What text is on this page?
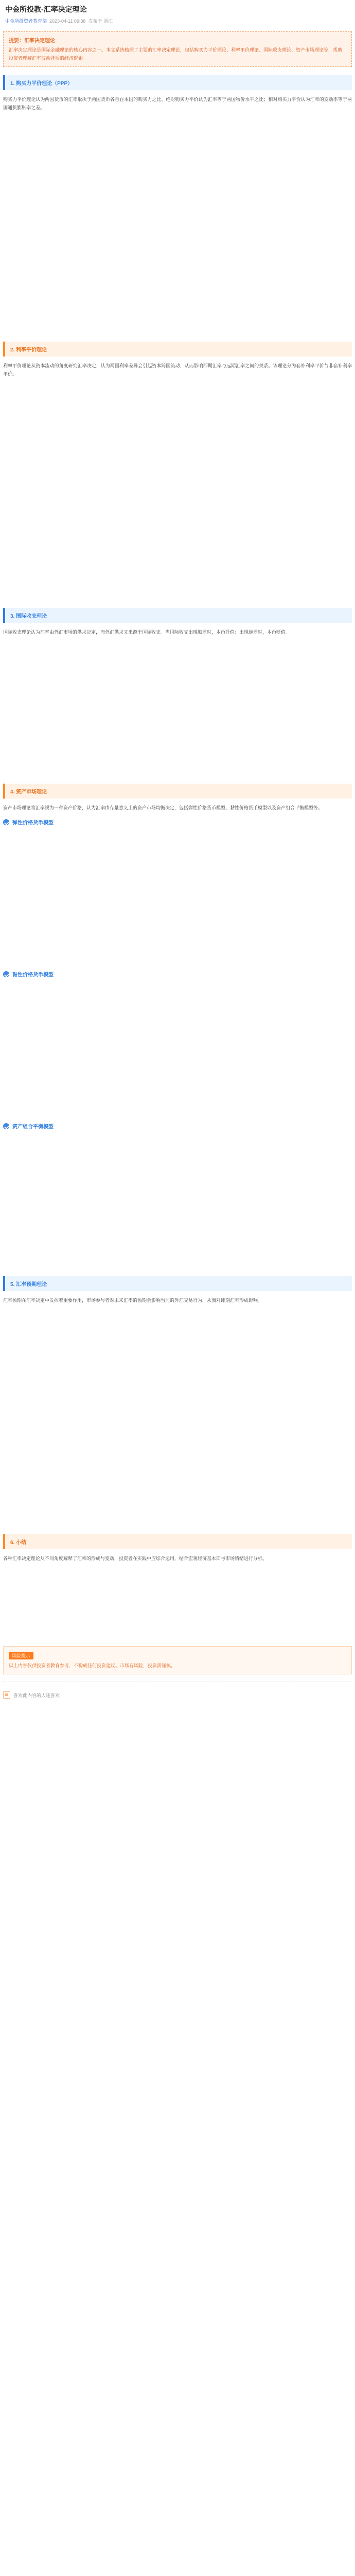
中金所投教-汇率决定理论
中金所投资者教育部 2023-04-11 09:38 发布于 浙江
提要：汇率决定理论
汇率决定理论是国际金融理论的核心内容之一。本文系统梳理了主要的汇率决定理论，包括购买力平价理论、利率平价理论、国际收支理论、资产市场理论等，帮助投资者理解汇率波动背后的经济逻辑。
1. 购买力平价理论（PPP）

购买力平价理论认为两国货币的汇率取决于两国货币各自在本国的购买力之比。绝对购买力平价认为汇率等于两国物价水平之比；相对购买力平价认为汇率的变动率等于两国通货膨胀率之差。

2. 利率平价理论

利率平价理论从资本流动的角度研究汇率决定，认为两国利率差异会引起资本跨国流动，从而影响即期汇率与远期汇率之间的关系。该理论分为套补利率平价与非套补利率平价。

3. 国际收支理论

国际收支理论认为汇率由外汇市场的供求决定，而外汇供求又来源于国际收支。当国际收支出现顺差时，本币升值；出现逆差时，本币贬值。

4. 资产市场理论

资产市场理论将汇率视为一种资产价格，认为汇率由存量意义上的资产市场均衡决定，包括弹性价格货币模型、黏性价格货币模型以及资产组合平衡模型等。

弹性价格货币模型
黏性价格货币模型
资产组合平衡模型
5. 汇率预期理论

汇率预期在汇率决定中发挥着重要作用，市场参与者对未来汇率的预期会影响当前的外汇交易行为，从而对即期汇率形成影响。

6. 小结

各种汇率决定理论从不同角度解释了汇率的形成与变动，投资者在实践中应综合运用，结合宏观经济基本面与市场情绪进行分析。

风险提示
以上内容仅供投资者教育参考，不构成任何投资建议。市场有风险，投资需谨慎。
喜欢此内容的人还喜欢
